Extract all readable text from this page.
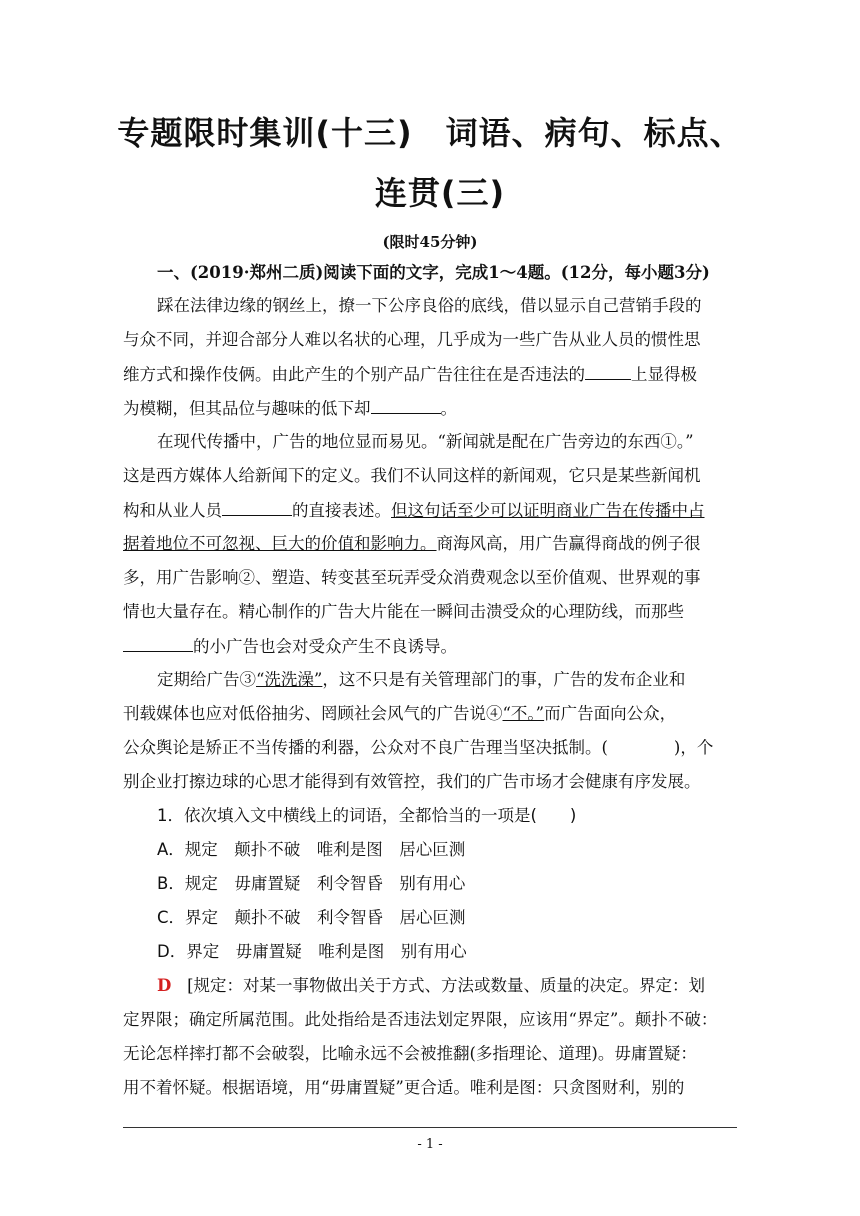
专题限时集训(十三)　词语、病句、标点、
连贯(三)
(限时45分钟)
一、(2019·郑州二质)阅读下面的文字，完成1～4题。(12分，每小题3分)
踩在法律边缘的钢丝上，撩一下公序良俗的底线，借以显示自己营销手段的
与众不同，并迎合部分人难以名状的心理，几乎成为一些广告从业人员的惯性思
维方式和操作伎俩。由此产生的个别产品广告往往在是否违法的	上显得极
为模糊，但其品位与趣味的低下却	。
在现代传播中，广告的地位显而易见。“新闻就是配在广告旁边的东西①。”
这是西方媒体人给新闻下的定义。我们不认同这样的新闻观，它只是某些新闻机
构和从业人员	的直接表述。但这句话至少可以证明商业广告在传播中占
据着地位不可忽视、巨大的价值和影响力。商海风高，用广告赢得商战的例子很
多，用广告影响②、塑造、转变甚至玩弄受众消费观念以至价值观、世界观的事
情也大量存在。精心制作的广告大片能在一瞬间击溃受众的心理防线，而那些
的小广告也会对受众产生不良诱导。
定期给广告③“洗洗澡”，这不只是有关管理部门的事，广告的发布企业和
刊载媒体也应对低俗抽劣、罔顾社会风气的广告说④“不。”而广告面向公众，
公众舆论是矫正不当传播的利器，公众对不良广告理当坚决抵制。(　　　　)，个
别企业打擦边球的心思才能得到有效管控，我们的广告市场才会健康有序发展。
1．依次填入文中横线上的词语，全都恰当的一项是(　　)
A．规定　颠扑不破　唯利是图　居心叵测
B．规定　毋庸置疑　利令智昏　别有用心
C．界定　颠扑不破　利令智昏　居心叵测
D．界定　毋庸置疑　唯利是图　别有用心
D [规定：对某一事物做出关于方式、方法或数量、质量的决定。界定：划
定界限；确定所属范围。此处指给是否违法划定界限，应该用“界定”。颠扑不破：
无论怎样摔打都不会破裂，比喻永远不会被推翻(多指理论、道理)。毋庸置疑：
用不着怀疑。根据语境，用“毋庸置疑”更合适。唯利是图：只贪图财利，别的
- 1 -
